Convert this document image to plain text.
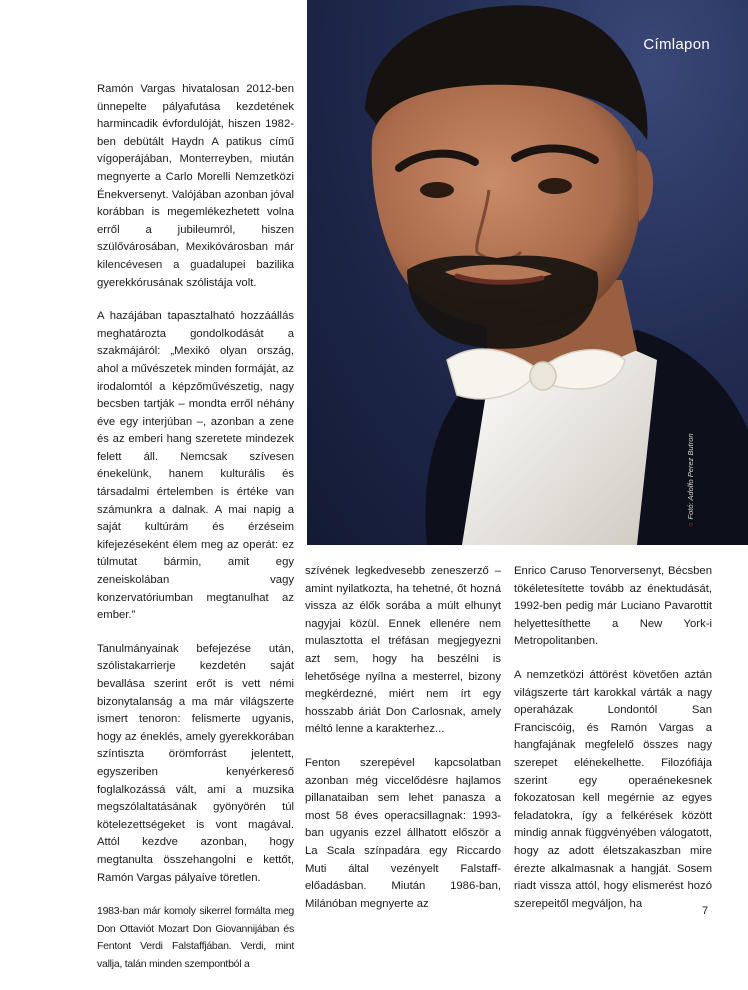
Ramón Vargas hivatalosan 2012-ben ünnepelte pályafutása kezdetének harmincadik évfordulóját, hiszen 1982-ben debütált Haydn A patikus című vígoperájában, Monterreyben, miután megnyerte a Carlo Morelli Nemzetközi Énekversenyt. Valójában azonban jóval korábban is megemlékezhetett volna erről a jubileumról, hiszen szülővárosában, Mexikóvárosban már kilencévesen a guadalupei bazilika gyerekkórusának szólistája volt.

A hazájában tapasztalható hozzáállás meghatározta gondolkodását a szakmájáról: „Mexikó olyan ország, ahol a művészetek minden formáját, az irodalomtól a képzőművészetig, nagy becsben tartják – mondta erről néhány éve egy interjúban –, azonban a zene és az emberi hang szeretete mindezek felett áll. Nemcsak szívesen énekelünk, hanem kulturális és társadalmi értelemben is értéke van számunkra a dalnak. A mai napig a saját kultúrám és érzéseim kifejezéseként élem meg az operát: ez túlmutat bármin, amit egy zeneiskolában vagy konzervatóriumban megtanulhat az ember.”

Tanulmányainak befejezése után, szólistakarrierje kezdetén saját bevallása szerint erőt is vett némi bizonytalanság a ma már világszerte ismert tenoron: felismerte ugyanis, hogy az éneklés, amely gyerekkorában színtiszta örömforrást jelentett, egyszeriben kenyérkereső foglalkozássá vált, ami a muzsika megszólaltatásának gyönyörén túl kötelezettségeket is vont magával. Attól kezdve azonban, hogy megtanulta összehangolni e kettőt, Ramón Vargas pályaíve töretlen.

1983-ban már komoly sikerrel formálta meg Don Ottaviót Mozart Don Giovannijában és Fentont Verdi Falstaffjában. Verdi, mint vallja, talán minden szempontból a

Címlapon
○Fotó: Adolfo Perez Butron

szívének legkedvesebb zeneszerző – amint nyilatkozta, ha tehetné, őt hozná vissza az élők sorába a múlt elhunyt nagyjai közül. Ennek ellenére nem mulasztotta el tréfásan megjegyezni azt sem, hogy ha beszélni is lehetősége nyílna a mesterrel, bizony megkérdezné, miért nem írt egy hosszabb áriát Don Carlosnak, amely méltó lenne a karakterhez...

Fenton szerepével kapcsolatban azonban még viccelődésre hajlamos pillanataiban sem lehet panasza a most 58 éves operacsillagnak: 1993-ban ugyanis ezzel állhatott először a La Scala színpadára egy Riccardo Muti által vezényelt Falstaff-előadásban. Miután 1986-ban, Milánóban megnyerte az

Enrico Caruso Tenorversenyt, Bécsben tökéletesítette tovább az énektudását, 1992-ben pedig már Luciano Pavarottit helyettesíthette a New York-i Metropolitanben.

A nemzetközi áttörést követően aztán világszerte tárt karokkal várták a nagy operaházak Londontól San Franciscóig, és Ramón Vargas a hangfajának megfelelő összes nagy szerepet elénekelhette. Filozófiája szerint egy operaénekesnek fokozatosan kell megérnie az egyes feladatokra, így a felkérések között mindig annak függvényében válogatott, hogy az adott életszakaszban mire érezte alkalmasnak a hangját. Sosem riadt vissza attól, hogy elismerést hozó szerepeitől megváljon, ha

7
